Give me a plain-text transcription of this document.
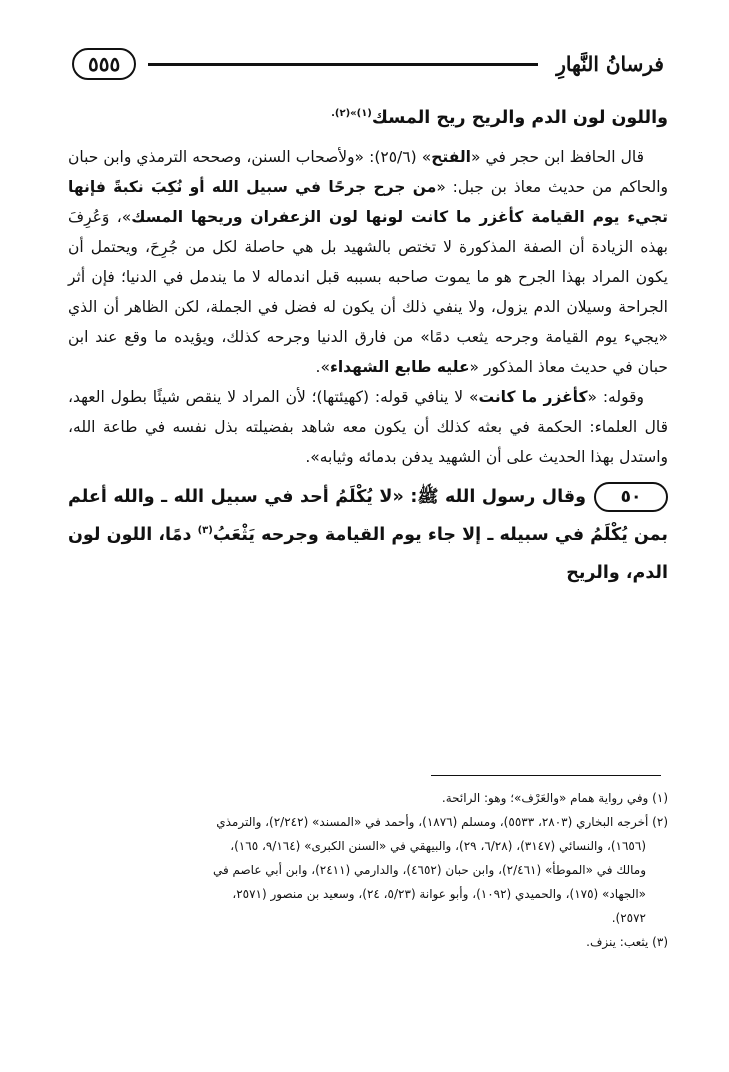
فرسانُ النَّهارِ
٥٥٥

واللون لون الدم والريح ريح المسك$^{(١)»(٢).}$

قال الحافظ ابن حجر في «الفتح» (٢٥/٦): «ولأصحاب السنن، وصححه الترمذي وابن حبان والحاكم من حديث معاذ بن جبل: «من جرح جرحًا في سبيل الله أو نُكِبَ نكبةً فإنها تجيء يوم القيامة كأغزر ما كانت لونها لون الزعفران وريحها المسك»، وَعُرِفَ بهذه الزيادة أن الصفة المذكورة لا تختص بالشهيد بل هي حاصلة لكل من جُرِحَ، ويحتمل أن يكون المراد بهذا الجرح هو ما يموت صاحبه بسببه قبل اندماله لا ما يندمل في الدنيا؛ فإن أثر الجراحة وسيلان الدم يزول، ولا ينفي ذلك أن يكون له فضل في الجملة، لكن الظاهر أن الذي «يجيء يوم القيامة وجرحه يثعب دمًا» من فارق الدنيا وجرحه كذلك، ويؤيده ما وقع عند ابن حبان في حديث معاذ المذكور «عليه طابع الشهداء».

وقوله: «كأغزر ما كانت» لا ينافي قوله: (كهيئتها)؛ لأن المراد لا ينقص شيئًا بطول العهد، قال العلماء: الحكمة في بعثه كذلك أن يكون معه شاهد بفضيلته بذل نفسه في طاعة الله، واستدل بهذا الحديث على أن الشهيد يدفن بدمائه وثيابه».

٥٠وقال رسول الله ﷺ: «لا يُكْلَمُ أحد في سبيل الله ـ والله أعلم بمن يُكْلَمُ في سبيله ـ إلا جاء يوم القيامة وجرحه يَثْعَبُ$^{(٣)}$ دمًا، اللون لون الدم، والريح

(١) وفي رواية همام «والعَرْف»؛ وهو: الرائحة.

(٢) أخرجه البخاري (٢٨٠٣، ٥٥٣٣)، ومسلم (١٨٧٦)، وأحمد في «المسند» (٢/٢٤٢)، والترمذي

(١٦٥٦)، والنسائي (٣١٤٧)، (٦/٢٨، ٢٩)، والبيهقي في «السنن الكبرى» (٩/١٦٤، ١٦٥)،

ومالك في «الموطأ» (٢/٤٦١)، وابن حبان (٤٦٥٢)، والدارمي (٢٤١١)، وابن أبي عاصم في

«الجهاد» (١٧٥)، والحميدي (١٠٩٢)، وأبو عوانة (٥/٢٣، ٢٤)، وسعيد بن منصور (٢٥٧١،

٢٥٧٢).

(٣) يثعب: ينزف.
